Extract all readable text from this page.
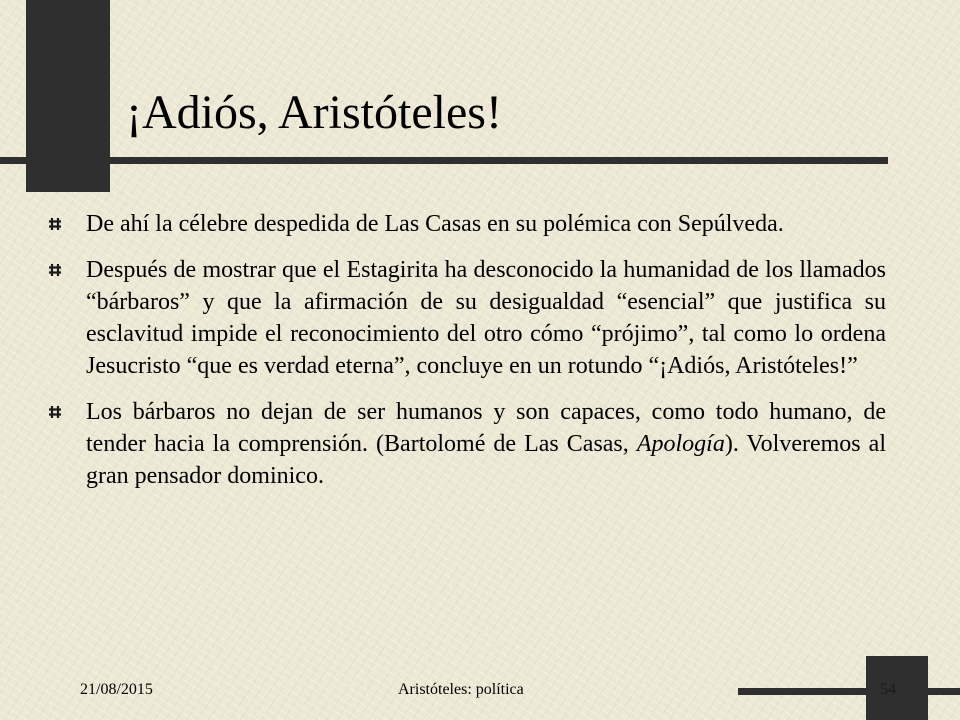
¡Adiós, Aristóteles!
De ahí la célebre despedida de Las Casas en su polémica con Sepúlveda.
Después de mostrar que el Estagirita ha desconocido la humanidad de los llamados “bárbaros” y que la afirmación de su desigualdad “esencial” que justifica su esclavitud impide el reconocimiento del otro cómo “prójimo”, tal como lo ordena Jesucristo “que es verdad eterna”, concluye en un rotundo “¡Adiós, Aristóteles!”
Los bárbaros no dejan de ser humanos y son capaces, como todo humano, de tender hacia la comprensión. (Bartolomé de Las Casas, Apología). Volveremos al gran pensador dominico.
21/08/2015	Aristóteles: política	54
